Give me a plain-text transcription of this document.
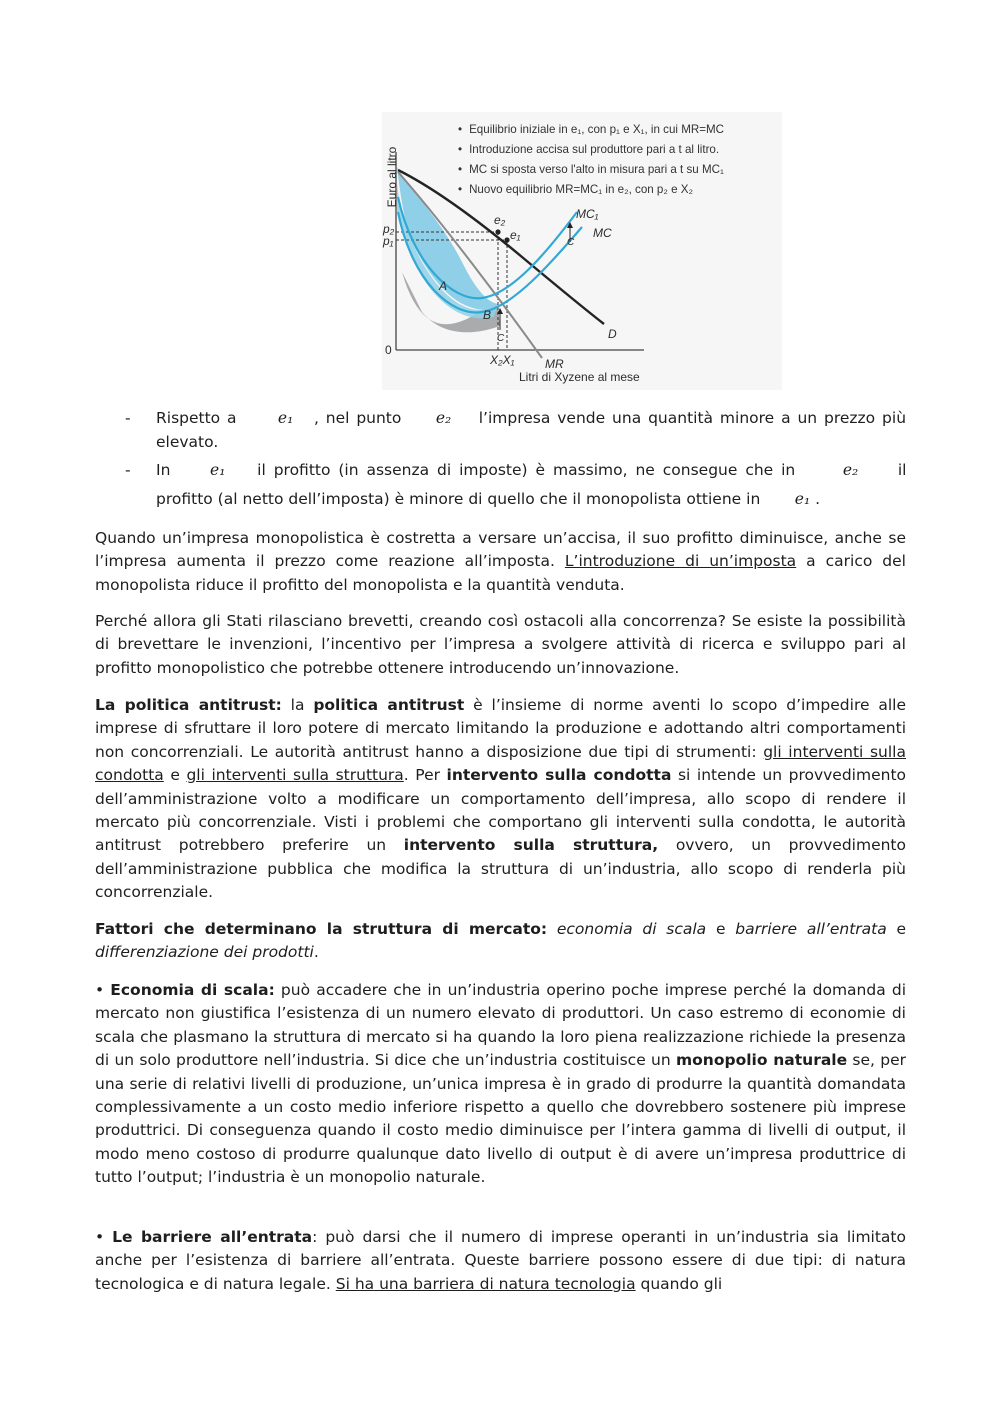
• Equilibrio iniziale in e₁, con p₁ e X₁, in cui MR=MC
• Introduzione accisa sul produttore pari a t al litro.
• MC si sposta verso l'alto in misura pari a t su MC₁
• Nuovo equilibrio MR=MC₁ in e₂, con p₂ e X₂
Euro al litro
p₂
p₁
e₂
e₁
MC₁
MC
C
A
B
C	D
0
X₂X₁	MR
Litri di Xyzene al mese
- Rispetto a	e₁ , nel punto e₂ l’impresa vende una quantità minore a un prezzo più
elevato.
- In	e₁ il profitto (in assenza di imposte) è massimo, ne consegue che in	e₂	il
profitto (al netto dell’imposta) è minore di quello che il monopolista ottiene in e₁ .

Quando un’impresa monopolistica è costretta a versare un’accisa, il suo profitto diminuisce, anche se l’impresa aumenta il prezzo come reazione all’imposta. L’introduzione di un’imposta a carico del monopolista riduce il profitto del monopolista e la quantità venduta.

Perché allora gli Stati rilasciano brevetti, creando così ostacoli alla concorrenza? Se esiste la possibilità di brevettare le invenzioni, l’incentivo per l’impresa a svolgere attività di ricerca e sviluppo pari al profitto monopolistico che potrebbe ottenere introducendo un’innovazione.

La politica antitrust: la politica antitrust è l’insieme di norme aventi lo scopo d’impedire alle imprese di sfruttare il loro potere di mercato limitando la produzione e adottando altri comportamenti non concorrenziali. Le autorità antitrust hanno a disposizione due tipi di strumenti: gli interventi sulla condotta e gli interventi sulla struttura. Per intervento sulla condotta si intende un provvedimento dell’amministrazione volto a modificare un comportamento dell’impresa, allo scopo di rendere il mercato più concorrenziale. Visti i problemi che comportano gli interventi sulla condotta, le autorità antitrust potrebbero preferire un intervento sulla struttura, ovvero, un provvedimento dell’amministrazione pubblica che modifica la struttura di un’industria, allo scopo di renderla più concorrenziale.

Fattori che determinano la struttura di mercato: economia di scala e barriere all’entrata e differenziazione dei prodotti.

• Economia di scala: può accadere che in un’industria operino poche imprese perché la domanda di mercato non giustifica l’esistenza di un numero elevato di produttori. Un caso estremo di economie di scala che plasmano la struttura di mercato si ha quando la loro piena realizzazione richiede la presenza di un solo produttore nell’industria. Si dice che un’industria costituisce un monopolio naturale se, per una serie di relativi livelli di produzione, un’unica impresa è in grado di produrre la quantità domandata complessivamente a un costo medio inferiore rispetto a quello che dovrebbero sostenere più imprese produttrici. Di conseguenza quando il costo medio diminuisce per l’intera gamma di livelli di output, il modo meno costoso di produrre qualunque dato livello di output è di avere un’impresa produttrice di tutto l’output; l’industria è un monopolio naturale.

• Le barriere all’entrata: può darsi che il numero di imprese operanti in un’industria sia limitato anche per l’esistenza di barriere all’entrata. Queste barriere possono essere di due tipi: di natura tecnologica e di natura legale. Si ha una barriera di natura tecnologia quando gli
